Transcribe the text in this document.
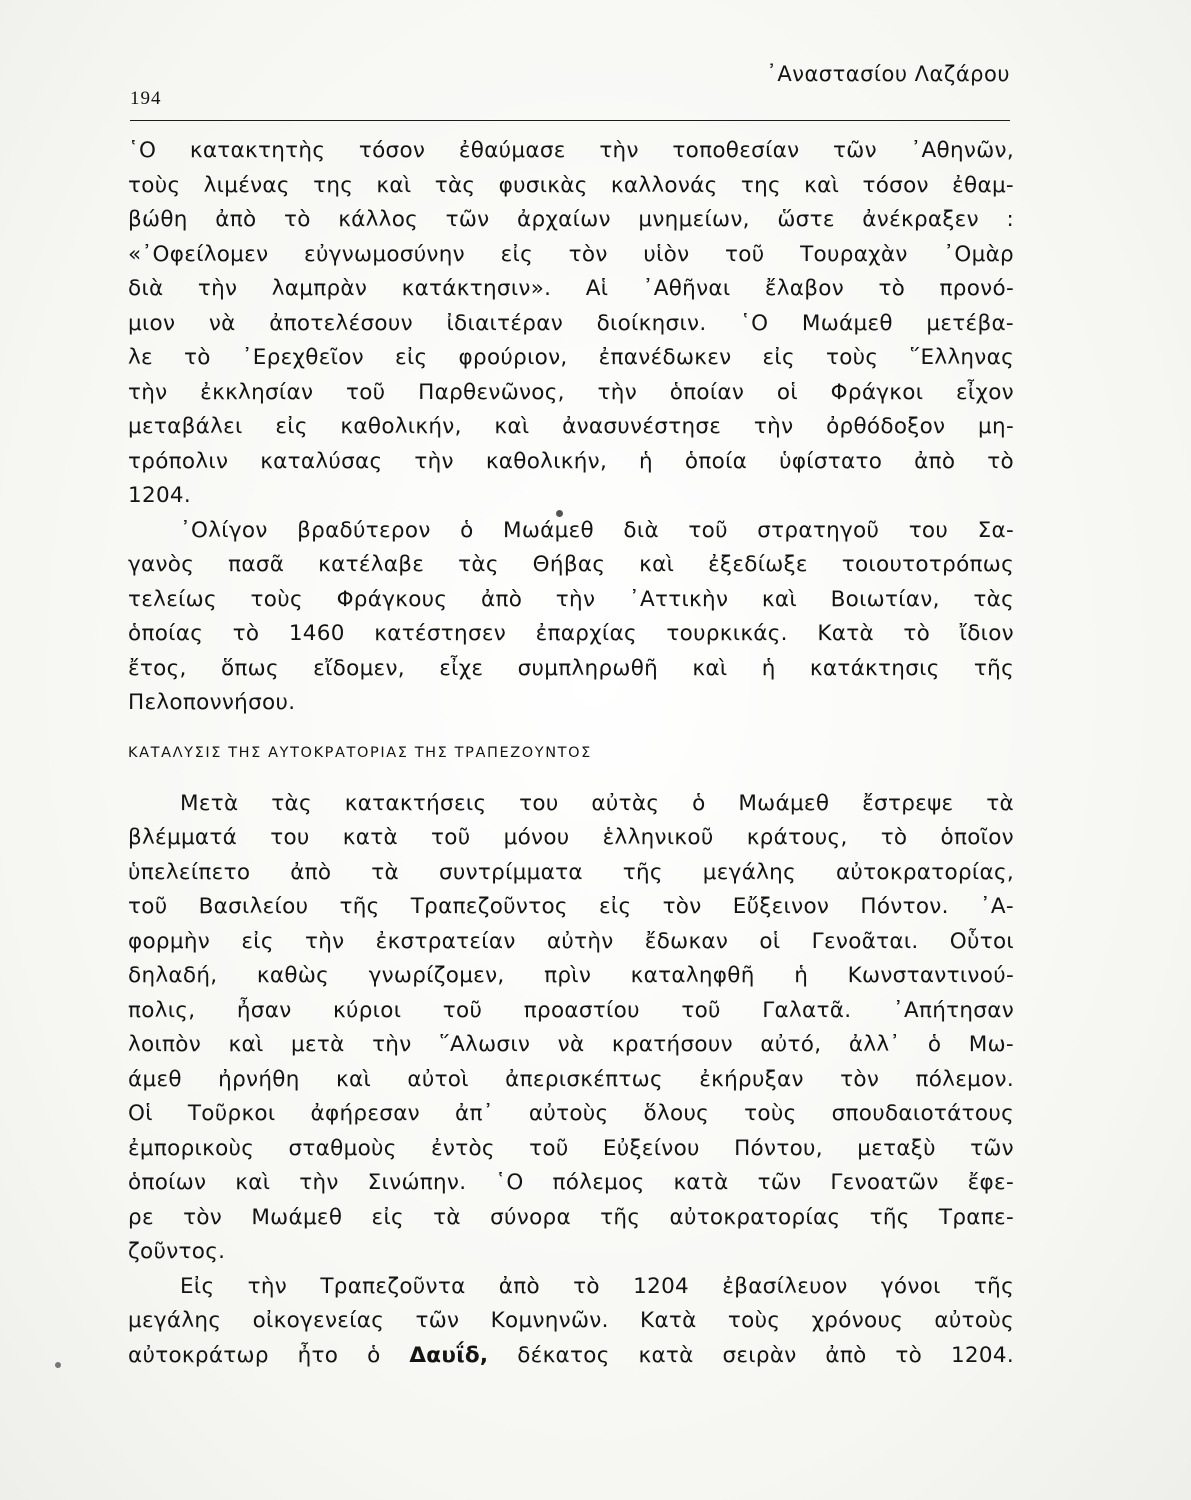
194
᾿Αναστασίου Λαζάρου
῾Ο κατακτητὴς τόσον ἐθαύμασε τὴν τοποθεσίαν τῶν ᾿Αθηνῶν,
τοὺς λιμένας της καὶ τὰς φυσικὰς καλλονάς της καὶ τόσον ἐθαμ-
βώθη ἀπὸ τὸ κάλλος τῶν ἀρχαίων μνημείων, ὥστε ἀνέκραξεν :
«᾿Οφείλομεν εὐγνωμοσύνην εἰς τὸν υἱὸν τοῦ Τουραχὰν ᾿Ομὰρ
διὰ τὴν λαμπρὰν κατάκτησιν». Αἱ ᾿Αθῆναι ἔλαβον τὸ προνό-
μιον νὰ ἀποτελέσουν ἰδιαιτέραν διοίκησιν. ῾Ο Μωάμεθ μετέβα-
λε τὸ ᾿Ερεχθεῖον εἰς φρούριον, ἐπανέδωκεν εἰς τοὺς ῞Ελληνας
τὴν ἐκκλησίαν τοῦ Παρθενῶνος, τὴν ὁποίαν οἱ Φράγκοι εἶχον
μεταβάλει εἰς καθολικήν, καὶ ἀνασυνέστησε τὴν ὀρθόδοξον μη-
τρόπολιν καταλύσας τὴν καθολικήν, ἡ ὁποία ὑφίστατο ἀπὸ τὸ
1204.
᾿Ολίγον βραδύτερον ὁ Μωάμεθ διὰ τοῦ στρατηγοῦ του Σα-
γανὸς πασᾶ κατέλαβε τὰς Θήβας καὶ ἐξεδίωξε τοιουτοτρόπως
τελείως τοὺς Φράγκους ἀπὸ τὴν ᾿Αττικὴν καὶ Βοιωτίαν, τὰς
ὁποίας τὸ 1460 κατέστησεν ἐπαρχίας τουρκικάς. Κατὰ τὸ ἴδιον
ἔτος, ὅπως εἴδομεν, εἶχε συμπληρωθῆ καὶ ἡ κατάκτησις τῆς
Πελοποννήσου.
ΚΑΤΑΛΥΣΙΣ ΤΗΣ ΑΥΤΟΚΡΑΤΟΡΙΑΣ ΤΗΣ ΤΡΑΠΕΖΟΥΝΤΟΣ
Μετὰ τὰς κατακτήσεις του αὐτὰς ὁ Μωάμεθ ἔστρεψε τὰ
βλέμματά του κατὰ τοῦ μόνου ἑλληνικοῦ κράτους, τὸ ὁποῖον
ὑπελείπετο ἀπὸ τὰ συντρίμματα τῆς μεγάλης αὐτοκρατορίας,
τοῦ Βασιλείου τῆς Τραπεζοῦντος εἰς τὸν Εὔξεινον Πόντον. ᾿Α-
φορμὴν εἰς τὴν ἐκστρατείαν αὐτὴν ἔδωκαν οἱ Γενοᾶται. Οὗτοι
δηλαδή, καθὼς γνωρίζομεν, πρὶν καταληφθῆ ἡ Κωνσταντινού-
πολις, ἦσαν κύριοι τοῦ προαστίου τοῦ Γαλατᾶ. ᾿Απήτησαν
λοιπὸν καὶ μετὰ τὴν ῞Αλωσιν νὰ κρατήσουν αὐτό, ἀλλ᾿ ὁ Μω-
άμεθ ἠρνήθη καὶ αὐτοὶ ἀπερισκέπτως ἐκήρυξαν τὸν πόλεμον.
Οἱ Τοῦρκοι ἀφήρεσαν ἀπ᾿ αὐτοὺς ὅλους τοὺς σπουδαιοτάτους
ἐμπορικοὺς σταθμοὺς ἐντὸς τοῦ Εὐξείνου Πόντου, μεταξὺ τῶν
ὁποίων καὶ τὴν Σινώπην. ῾Ο πόλεμος κατὰ τῶν Γενοατῶν ἔφε-
ρε τὸν Μωάμεθ εἰς τὰ σύνορα τῆς αὐτοκρατορίας τῆς Τραπε-
ζοῦντος.
Εἰς τὴν Τραπεζοῦντα ἀπὸ τὸ 1204 ἐβασίλευον γόνοι τῆς
μεγάλης οἰκογενείας τῶν Κομνηνῶν. Κατὰ τοὺς χρόνους αὐτοὺς
αὐτοκράτωρ ἦτο ὁ Δαυΐδ, δέκατος κατὰ σειρὰν ἀπὸ τὸ 1204.
